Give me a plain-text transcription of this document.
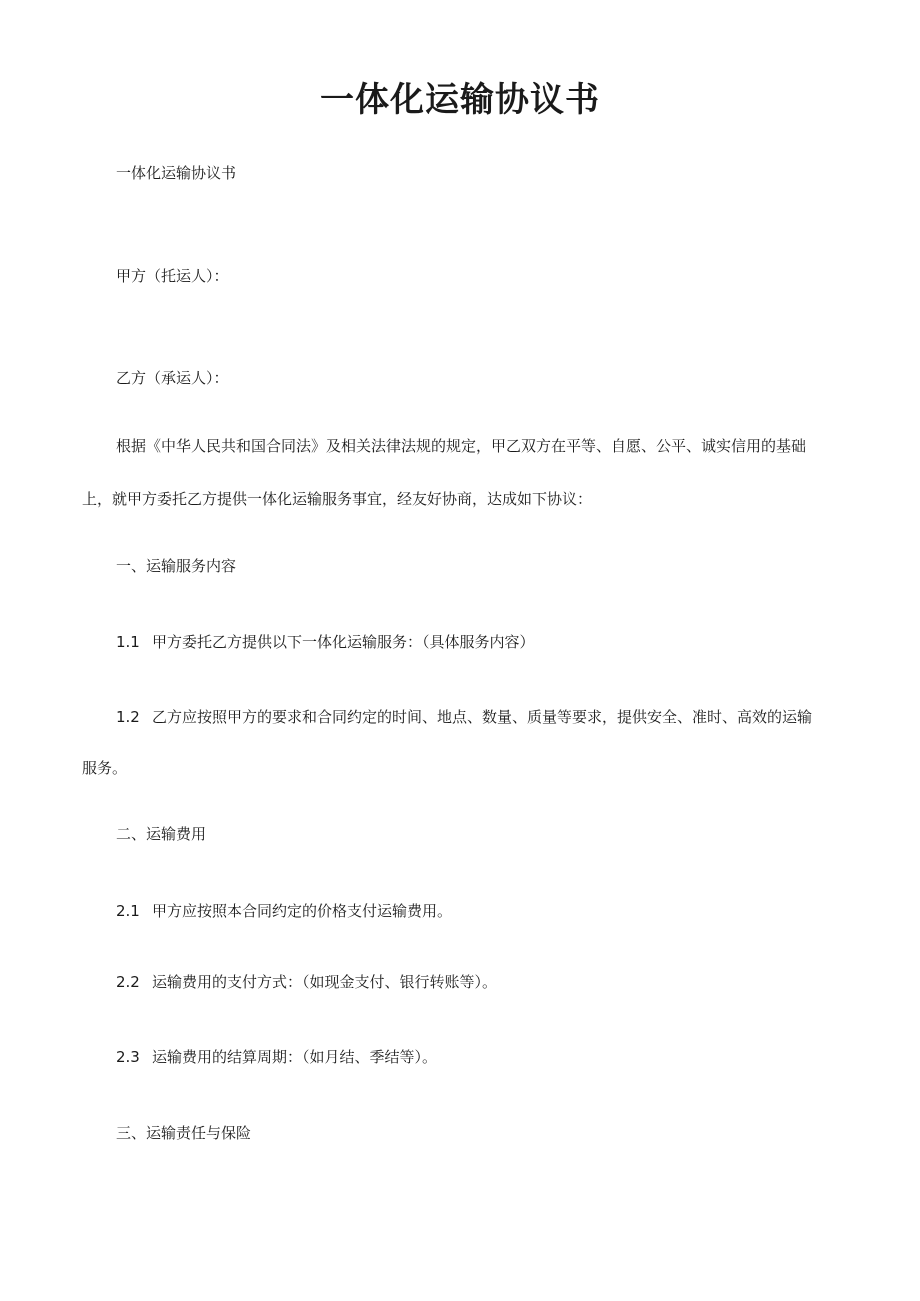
一体化运输协议书
一体化运输协议书
甲方（托运人）：
乙方（承运人）：
根据《中华人民共和国合同法》及相关法律法规的规定，甲乙双方在平等、自愿、公平、诚实信用的基础
上，就甲方委托乙方提供一体化运输服务事宜，经友好协商，达成如下协议：
一、运输服务内容
1.1 甲方委托乙方提供以下一体化运输服务：（具体服务内容）
1.2 乙方应按照甲方的要求和合同约定的时间、地点、数量、质量等要求，提供安全、准时、高效的运输
服务。
二、运输费用
2.1 甲方应按照本合同约定的价格支付运输费用。
2.2 运输费用的支付方式：（如现金支付、银行转账等）。
2.3 运输费用的结算周期：（如月结、季结等）。
三、运输责任与保险
